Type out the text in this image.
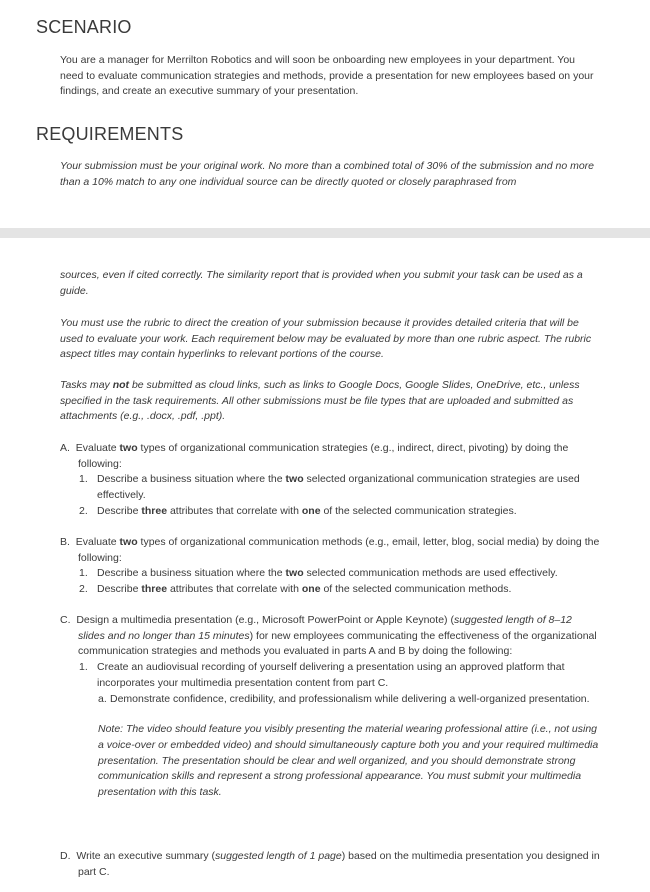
SCENARIO

You are a manager for Merrilton Robotics and will soon be onboarding new employees in your department. You need to evaluate communication strategies and methods, provide a presentation for new employees based on your findings, and create an executive summary of your presentation.

REQUIREMENTS

Your submission must be your original work. No more than a combined total of 30% of the submission and no more than a 10% match to any one individual source can be directly quoted or closely paraphrased from

sources, even if cited correctly. The similarity report that is provided when you submit your task can be used as a guide.

You must use the rubric to direct the creation of your submission because it provides detailed criteria that will be used to evaluate your work. Each requirement below may be evaluated by more than one rubric aspect. The rubric aspect titles may contain hyperlinks to relevant portions of the course.

Tasks may not be submitted as cloud links, such as links to Google Docs, Google Slides, OneDrive, etc., unless specified in the task requirements. All other submissions must be file types that are uploaded and submitted as attachments (e.g., .docx, .pdf, .ppt).

A. Evaluate two types of organizational communication strategies (e.g., indirect, direct, pivoting) by doing the following:
1. Describe a business situation where the two selected organizational communication strategies are used effectively.
2. Describe three attributes that correlate with one of the selected communication strategies.
B. Evaluate two types of organizational communication methods (e.g., email, letter, blog, social media) by doing the following:
1. Describe a business situation where the two selected communication methods are used effectively.
2. Describe three attributes that correlate with one of the selected communication methods.
C. Design a multimedia presentation (e.g., Microsoft PowerPoint or Apple Keynote) (suggested length of 8–12 slides and no longer than 15 minutes) for new employees communicating the effectiveness of the organizational communication strategies and methods you evaluated in parts A and B by doing the following:
1. Create an audiovisual recording of yourself delivering a presentation using an approved platform that incorporates your multimedia presentation content from part C.
a. Demonstrate confidence, credibility, and professionalism while delivering a well-organized presentation.
Note: The video should feature you visibly presenting the material wearing professional attire (i.e., not using a voice-over or embedded video) and should simultaneously capture both you and your required multimedia presentation. The presentation should be clear and well organized, and you should demonstrate strong communication skills and represent a strong professional appearance. You must submit your multimedia presentation with this task.
D. Write an executive summary (suggested length of 1 page) based on the multimedia presentation you designed in part C.
